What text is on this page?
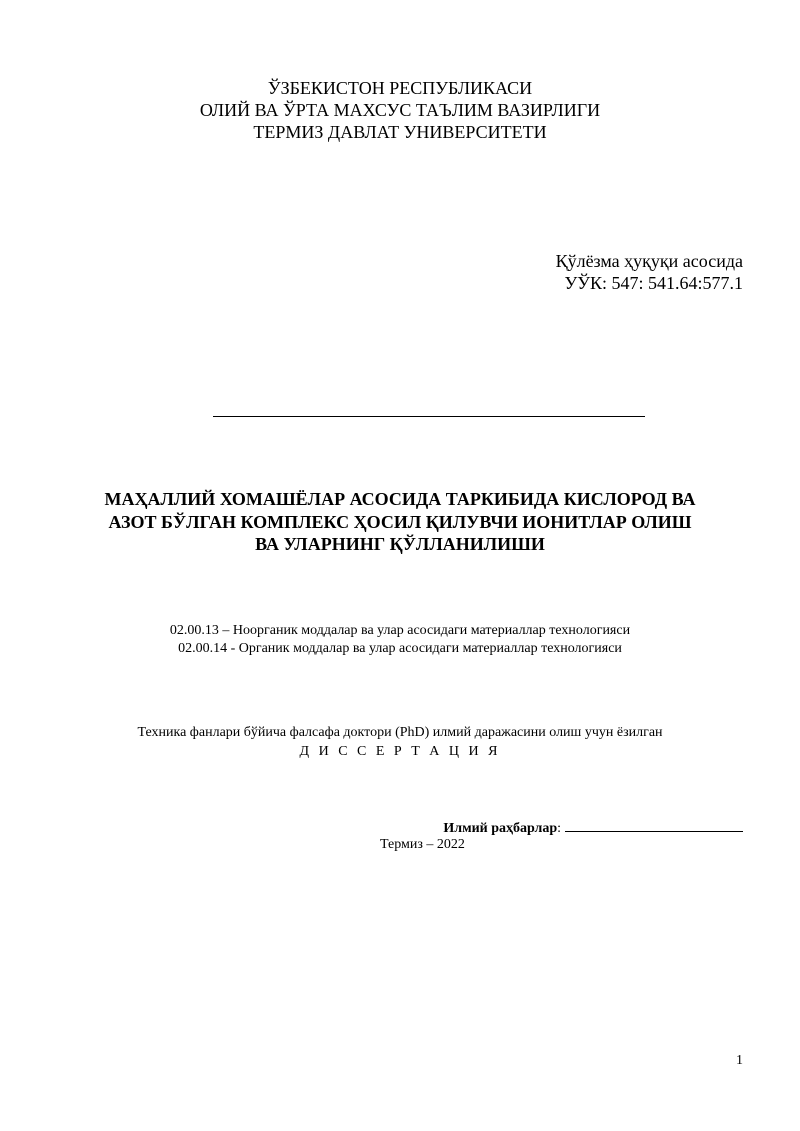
ЎЗБЕКИСТОН РЕСПУБЛИКАСИ
ОЛИЙ ВА ЎРТА МАХСУС ТАЪЛИМ ВАЗИРЛИГИ
ТЕРМИЗ ДАВЛАТ УНИВЕРСИТЕТИ
Қўлёзма ҳуқуқи асосида
УЎК: 547: 541.64:577.1
МАҲАЛЛИЙ ХОМАШЁЛАР АСОСИДА ТАРКИБИДА КИСЛОРОД ВА
АЗОТ БЎЛГАН КОМПЛЕКС ҲОСИЛ ҚИЛУВЧИ ИОНИТЛАР ОЛИШ
ВА УЛАРНИНГ ҚЎЛЛАНИЛИШИ
02.00.13 – Ноорганик моддалар ва улар асосидаги материаллар технологияси
02.00.14 - Органик моддалар ва улар асосидаги материаллар технологияси
Техника фанлари бўйича фалсафа доктори (PhD) илмий даражасини олиш учун ёзилган
Д И С С Е Р Т А Ц И Я
Илмий раҳбарлар:
Термиз – 2022
1
